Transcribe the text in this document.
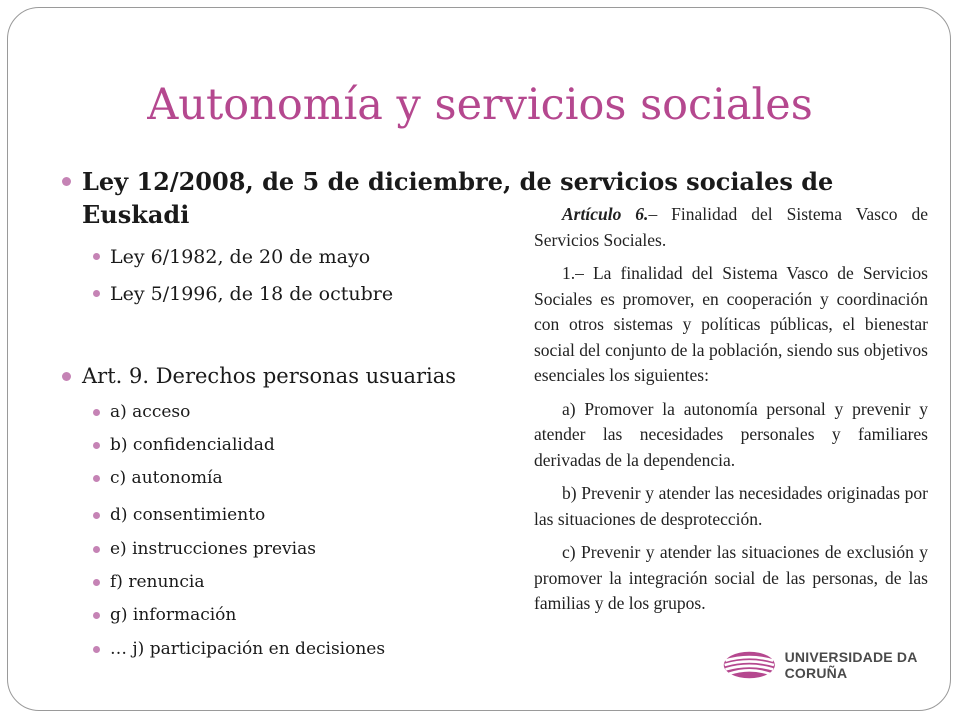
Autonomía y servicios sociales
Ley 12/2008, de 5 de diciembre, de servicios sociales de Euskadi
Ley 6/1982, de 20 de mayo
Ley 5/1996, de 18 de octubre
Art. 9. Derechos personas usuarias
a) acceso
b) confidencialidad
c) autonomía
d) consentimiento
e) instrucciones previas
f) renuncia
g) información
… j) participación en decisiones

Artículo 6.– Finalidad del Sistema Vasco de Servicios Sociales.

1.– La finalidad del Sistema Vasco de Servicios Sociales es promover, en cooperación y coordinación con otros sistemas y políticas públicas, el bienestar social del conjunto de la población, siendo sus objetivos esenciales los siguientes:

a) Promover la autonomía personal y prevenir y atender las necesidades personales y familiares derivadas de la dependencia.

b) Prevenir y atender las necesidades originadas por las situaciones de desprotección.

c) Prevenir y atender las situaciones de exclusión y promover la integración social de las personas, de las familias y de los grupos.

UNIVERSIDADE DA CORUÑA
